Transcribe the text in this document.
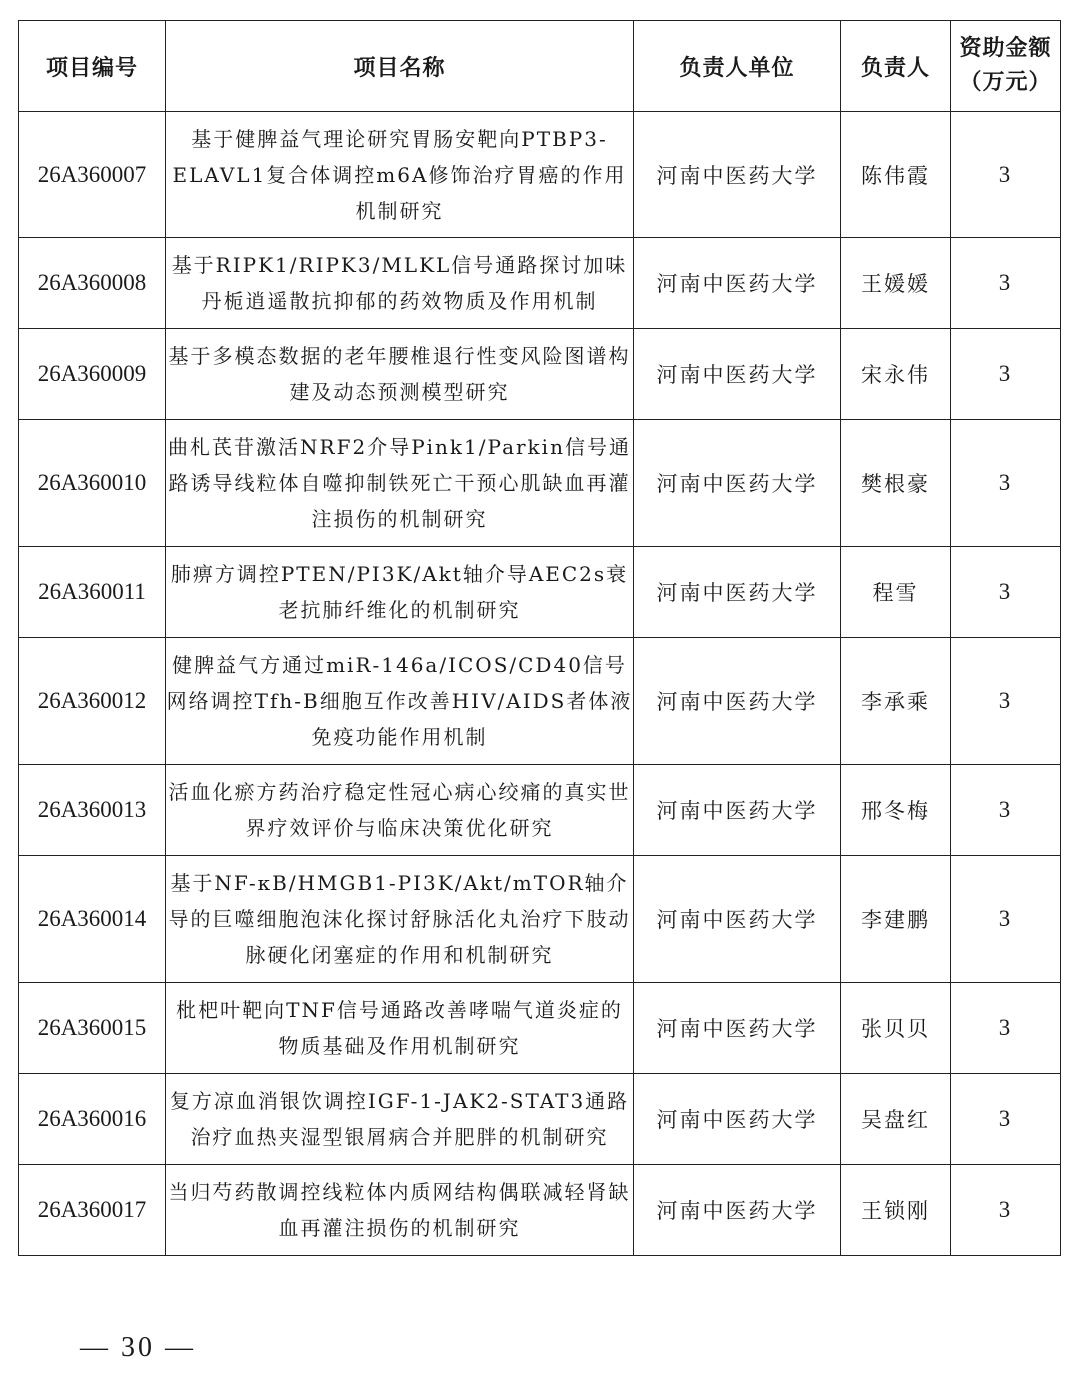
项目编号	项目名称	负责人单位	负责人	资助金额
（万元）

26A360007	基于健脾益气理论研究胃肠安靶向PTBP3-ELAVL1复合体调控m6A修饰治疗胃癌的作用机制研究	河南中医药大学	陈伟霞	3
26A360008	基于RIPK1/RIPK3/MLKL信号通路探讨加味丹栀逍遥散抗抑郁的药效物质及作用机制	河南中医药大学	王媛媛	3
26A360009	基于多模态数据的老年腰椎退行性变风险图谱构建及动态预测模型研究	河南中医药大学	宋永伟	3
26A360010	曲札芪苷激活NRF2介导Pink1/Parkin信号通路诱导线粒体自噬抑制铁死亡干预心肌缺血再灌注损伤的机制研究	河南中医药大学	樊根豪	3
26A360011	肺痹方调控PTEN/PI3K/Akt轴介导AEC2s衰老抗肺纤维化的机制研究	河南中医药大学	程雪	3
26A360012	健脾益气方通过miR-146a/ICOS/CD40信号网络调控Tfh-B细胞互作改善HIV/AIDS者体液免疫功能作用机制	河南中医药大学	李承乘	3
26A360013	活血化瘀方药治疗稳定性冠心病心绞痛的真实世界疗效评价与临床决策优化研究	河南中医药大学	邢冬梅	3
26A360014	基于NF-κB/HMGB1-PI3K/Akt/mTOR轴介导的巨噬细胞泡沫化探讨舒脉活化丸治疗下肢动脉硬化闭塞症的作用和机制研究	河南中医药大学	李建鹏	3
26A360015	枇杷叶靶向TNF信号通路改善哮喘气道炎症的物质基础及作用机制研究	河南中医药大学	张贝贝	3
26A360016	复方凉血消银饮调控IGF-1-JAK2-STAT3通路治疗血热夹湿型银屑病合并肥胖的机制研究	河南中医药大学	吴盘红	3
26A360017	当归芍药散调控线粒体内质网结构偶联减轻肾缺血再灌注损伤的机制研究	河南中医药大学	王锁刚	3
— 30 —
